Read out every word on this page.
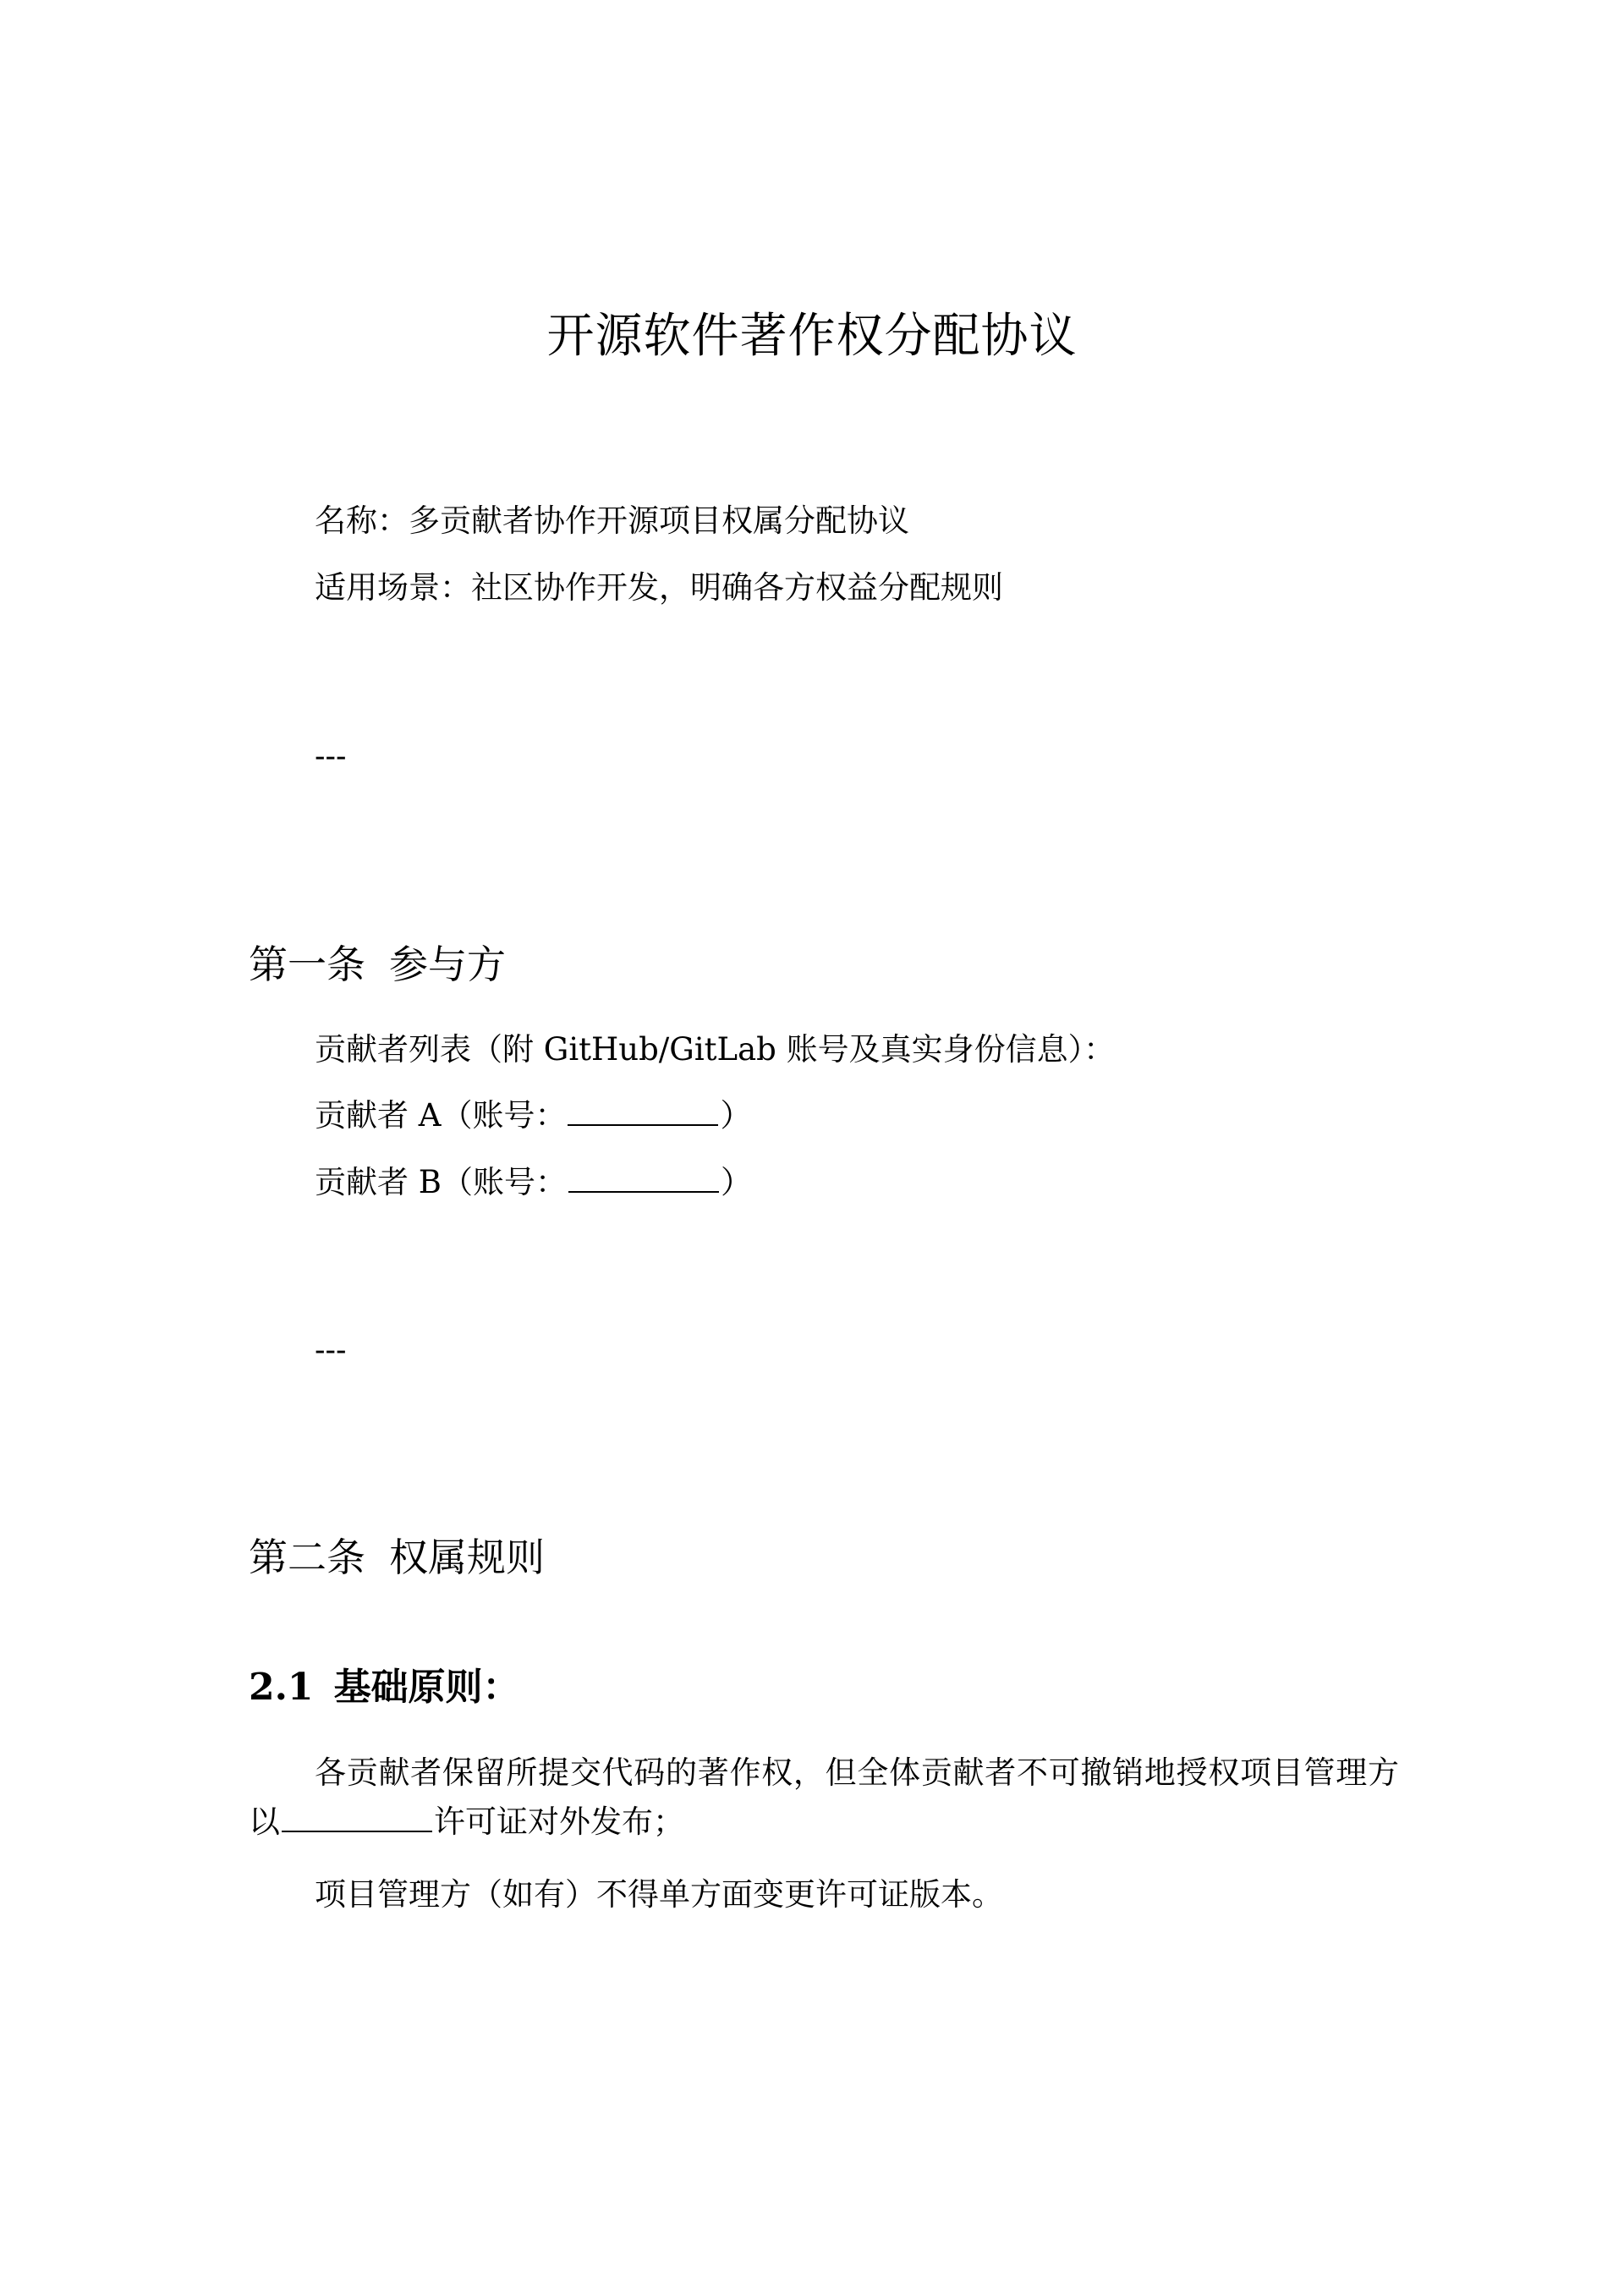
开源软件著作权分配协议

名称：多贡献者协作开源项目权属分配协议

适用场景：社区协作开发，明确各方权益分配规则

---

第一条 参与方

贡献者列表（附 GitHub/GitLab 账号及真实身份信息）：

贡献者 A（账号：	）

贡献者 B（账号：	）

---

第二条 权属规则
2.1 基础原则：

各贡献者保留所提交代码的著作权，但全体贡献者不可撤销地授权项目管理方以	许可证对外发布；

项目管理方（如有）不得单方面变更许可证版本。
